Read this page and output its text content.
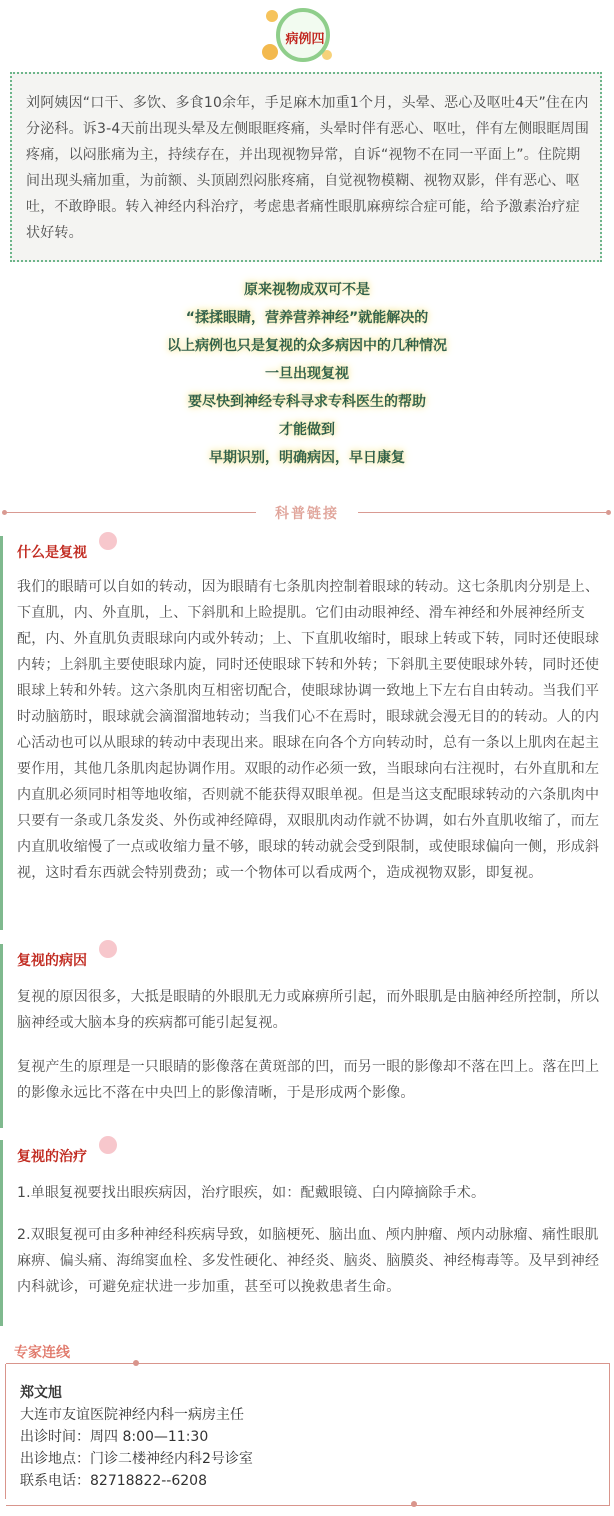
病例四
刘阿姨因“口干、多饮、多食10余年，手足麻木加重1个月，头晕、恶心及呕吐4天”住在内分泌科。诉3-4天前出现头晕及左侧眼眶疼痛，头晕时伴有恶心、呕吐，伴有左侧眼眶周围疼痛，以闷胀痛为主，持续存在，并出现视物异常，自诉“视物不在同一平面上”。住院期间出现头痛加重，为前额、头顶剧烈闷胀疼痛，自觉视物模糊、视物双影，伴有恶心、呕吐，不敢睁眼。转入神经内科治疗，考虑患者痛性眼肌麻痹综合症可能，给予激素治疗症状好转。
原来视物成双可不是
“揉揉眼睛，营养营养神经”就能解决的
以上病例也只是复视的众多病因中的几种情况
一旦出现复视
要尽快到神经专科寻求专科医生的帮助
才能做到
早期识别，明确病因，早日康复
科普链接
什么是复视
我们的眼睛可以自如的转动，因为眼睛有七条肌肉控制着眼球的转动。这七条肌肉分别是上、下直肌，内、外直肌，上、下斜肌和上睑提肌。它们由动眼神经、滑车神经和外展神经所支配，内、外直肌负责眼球向内或外转动；上、下直肌收缩时，眼球上转或下转，同时还使眼球内转；上斜肌主要使眼球内旋，同时还使眼球下转和外转；下斜肌主要使眼球外转，同时还使眼球上转和外转。这六条肌肉互相密切配合，使眼球协调一致地上下左右自由转动。当我们平时动脑筋时，眼球就会滴溜溜地转动；当我们心不在焉时，眼球就会漫无目的的转动。人的内心活动也可以从眼球的转动中表现出来。眼球在向各个方向转动时，总有一条以上肌肉在起主要作用，其他几条肌肉起协调作用。双眼的动作必须一致，当眼球向右注视时，右外直肌和左内直肌必须同时相等地收缩，否则就不能获得双眼单视。但是当这支配眼球转动的六条肌肉中只要有一条或几条发炎、外伤或神经障碍，双眼肌肉动作就不协调，如右外直肌收缩了，而左内直肌收缩慢了一点或收缩力量不够，眼球的转动就会受到限制，或使眼球偏向一侧，形成斜视，这时看东西就会特别费劲；或一个物体可以看成两个，造成视物双影，即复视。
复视的病因
复视的原因很多，大抵是眼睛的外眼肌无力或麻痹所引起，而外眼肌是由脑神经所控制，所以脑神经或大脑本身的疾病都可能引起复视。
复视产生的原理是一只眼睛的影像落在黄斑部的凹，而另一眼的影像却不落在凹上。落在凹上的影像永远比不落在中央凹上的影像清晰，于是形成两个影像。
复视的治疗
1.单眼复视要找出眼疾病因，治疗眼疾，如：配戴眼镜、白内障摘除手术。
2.双眼复视可由多种神经科疾病导致，如脑梗死、脑出血、颅内肿瘤、颅内动脉瘤、痛性眼肌麻痹、偏头痛、海绵窦血栓、多发性硬化、神经炎、脑炎、脑膜炎、神经梅毒等。及早到神经内科就诊，可避免症状进一步加重，甚至可以挽救患者生命。
专家连线
郑文旭
大连市友谊医院神经内科一病房主任
出诊时间：周四 8:00—11:30
出诊地点：门诊二楼神经内科2号诊室
联系电话：82718822--6208
